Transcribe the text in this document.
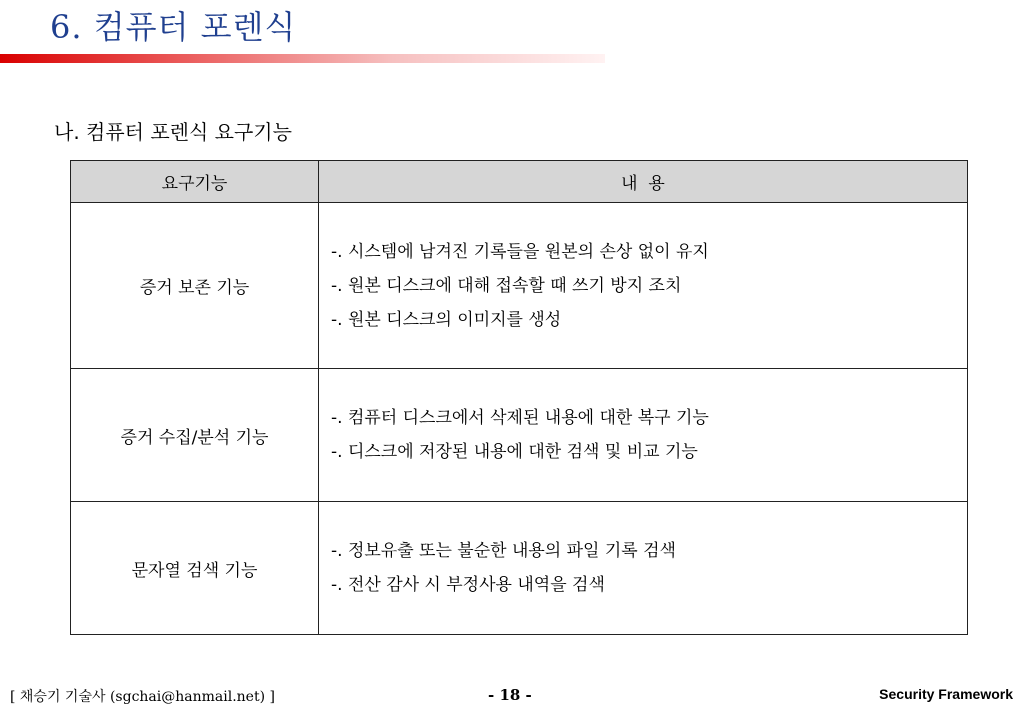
6. 컴퓨터 포렌식
나. 컴퓨터 포렌식 요구기능
요구기능	내  용
증거 보존 기능	-. 시스템에 남겨진 기록들을 원본의 손상 없이 유지
-. 원본 디스크에 대해 접속할 때 쓰기 방지 조치
-. 원본 디스크의 이미지를 생성

증거 수집/분석 기능	-. 컴퓨터 디스크에서 삭제된 내용에 대한 복구 기능
-. 디스크에 저장된 내용에 대한 검색 및 비교 기능

문자열 검색 기능	-. 정보유출 또는 불순한 내용의 파일 기록 검색
-. 전산 감사 시 부정사용 내역을 검색
[ 채승기 기술사 (sgchai@hanmail.net) ]	- 18 -	Security Framework
